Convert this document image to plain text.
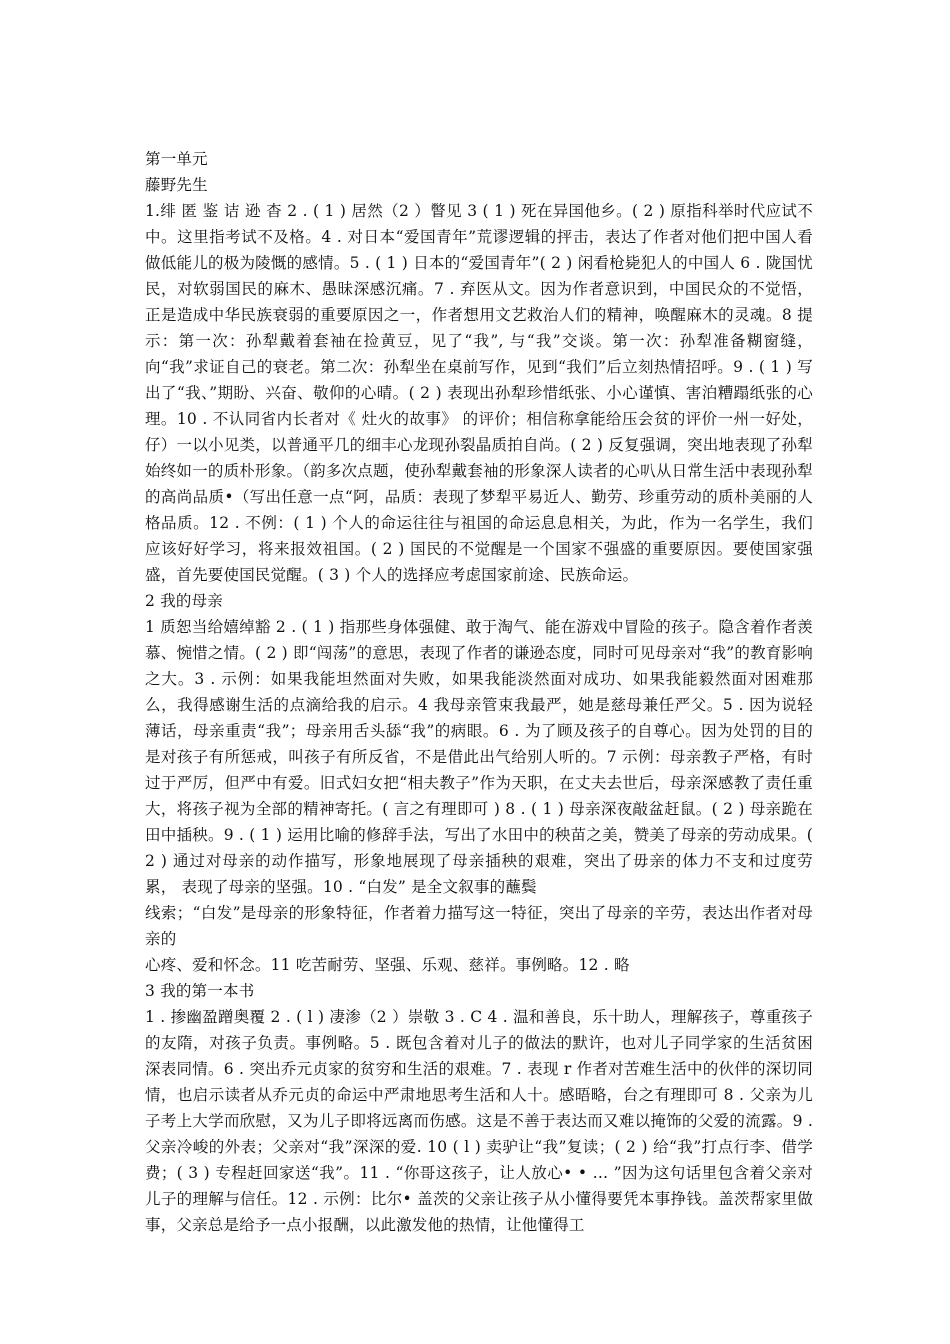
第一单元
藤野先生

1.绯 匿 鉴 诘 逊 杳 2 . ( 1 ) 居然（2 ）瞥见 3 ( 1 ) 死在异国他乡。( 2 ) 原指科举时代应试不中。这里指考试不及格。4 . 对日本“爱国青年”荒谬逻辑的抨击，表达了作者对他们把中国人看做低能儿的极为陵慨的感情。5 . ( 1 ) 日本的“爱国青年”( 2 ) 闲看枪毙犯人的中国人 6 . 陇国忧民，对软弱国民的麻木、愚昧深感沉痛。7 . 弃医从文。因为作者意识到，中国民众的不觉悟，正是造成中华民族衰弱的重要原因之一，作者想用文艺救治人们的精神，唤醒麻木的灵魂。8 提示：第一次：孙犁戴着套袖在捡黄豆，见了“我”, 与“我”交谈。第一次：孙犁准备糊窗缝，向“我”求证自己的衰老。第二次：孙犁坐在桌前写作，见到“我们”后立刻热情招呼。9 . ( 1 ) 写出了“我、”期盼、兴奋、敬仰的心晴。( 2 ) 表现出孙犁珍惜纸张、小心谨慎、害泊糟蹋纸张的心理。10 . 不认同省内长者对《 灶火的故事》 的评价；相信称拿能给压会贫的评价一州一好处，仔）一以小见类，以普通平几的细丰心龙现孙裂晶质拍自尚。( 2 ) 反复强调，突出地表现了孙犁始终如一的质朴形象。（韵多次点题，使孙犁戴套袖的形象深人读者的心叭从日常生活中表现孙犁的高尚品质•（写出任意一点“阿，品质：表现了梦犁平易近人、勤劳、珍重劳动的质朴美丽的人格品质。12 . 不例：( 1 ) 个人的命运往往与祖国的命运息息相关，为此，作为一名学生，我们应该好好学习，将来报效祖国。( 2 ) 国民的不觉醒是一个国家不强盛的重要原因。要使国家强盛，首先要使国民觉醒。( 3 ) 个人的选择应考虑国家前途、民族命运。

2 我的母亲

1 质恕当给嬉绰豁 2 . ( 1 ) 指那些身体强健、敢于淘气、能在游戏中冒险的孩子。隐含着作者羡慕、惋惜之情。( 2 ) 即“闯荡”的意思，表现了作者的谦逊态度，同时可见母亲对“我”的教育影响之大。3 . 示例：如果我能坦然面对失败，如果我能淡然面对成功、如果我能毅然面对困难那么，我得感谢生活的点滴给我的启示。4 我母亲管束我最严，她是慈母兼任严父。5 . 因为说轻薄话，母亲重责“我”；母亲用舌头舔“我”的病眼。6 . 为了顾及孩子的自尊心。因为处罚的目的是对孩子有所惩戒，叫孩子有所反省，不是借此出气给别人听的。7 示例：母亲教子严格，有时过于严厉，但严中有爱。旧式妇女把“相夫教子”作为天职，在丈夫去世后，母亲深感教了责任重大，将孩子视为全部的精神寄托。( 言之有理即可 ) 8 . ( 1 ) 母亲深夜敲盆赶鼠。( 2 ) 母亲跪在田中插秧。9 . ( 1 ) 运用比喻的修辞手法，写出了水田中的秧苗之美，赞美了母亲的劳动成果。( 2 ) 通过对母亲的动作描写，形象地展现了母亲插秧的艰难，突出了毋亲的体力不支和过度劳累， 表现了母亲的坚强。10 . “白发” 是全文叙事的蘸鬓

线索；“白发”是母亲的形象特征，作者着力描写这一特征，突出了母亲的辛劳，表达出作者对母亲的

心疼、爱和怀念。11 吃苦耐劳、坚强、乐观、慈祥。事例略。12 . 略

3 我的第一本书

1 . 掺幽盈蹭奥覆 2 . ( l ) 凄渗（2 ）崇敬 3 . C 4 . 温和善良，乐十助人，理解孩子，尊重孩子的友隋，对孩子负责。事例略。5 . 既包含着对儿子的做法的默许，也对儿子同学家的生活贫困深表同情。6 . 突出乔元贞家的贫穷和生活的艰难。7 . 表现 r 作者对苦难生活中的伙伴的深切同情，也启示读者从乔元贞的命运中严肃地思考生活和人十。感晤略，台之有理即可 8 . 父亲为儿子考上大学而欣慰，又为儿子即将远离而伤感。这是不善于表达而又难以掩饰的父爱的流露。9 . 父亲冷峻的外表；父亲对“我”深深的爱. 10 ( l ) 卖驴让“我”复读；( 2 ) 给“我”打点行李、借学费；( 3 ) 专程赶回家送“我”。11 . “你哥这孩子，让人放心• • … ”因为这句话里包含着父亲对儿子的理解与信任。12 . 示例：比尔• 盖茨的父亲让孩子从小懂得要凭本事挣钱。盖茨帮家里做事，父亲总是给予一点小报酬，以此激发他的热情，让他懂得工
